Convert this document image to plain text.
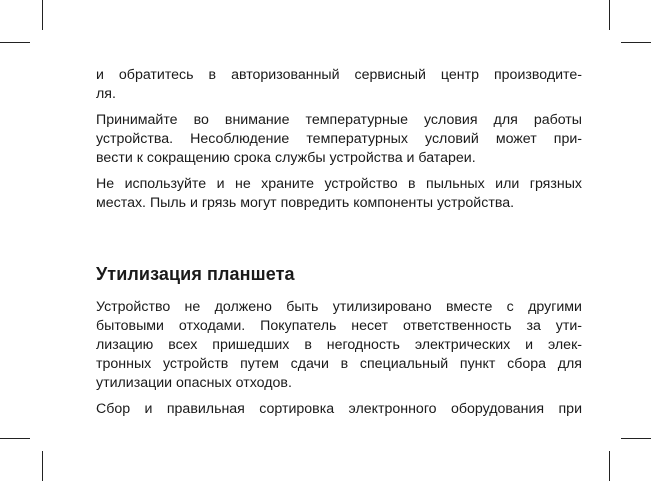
и обратитесь в авторизованный сервисный центр производите-
ля.

Принимайте во внимание температурные условия для работы
устройства. Несоблюдение температурных условий может при-
вести к сокращению срока службы устройства и батареи.

Не используйте и не храните устройство в пыльных или грязных
местах. Пыль и грязь могут повредить компоненты устройства.

Утилизация планшета

Устройство не должено быть утилизировано вместе с другими
бытовыми отходами. Покупатель несет ответственность за ути-
лизацию всех пришедших в негодность электрических и элек-
тронных устройств путем сдачи в специальный пункт сбора для
утилизации опасных отходов.

Сбор и правильная сортировка электронного оборудования при
